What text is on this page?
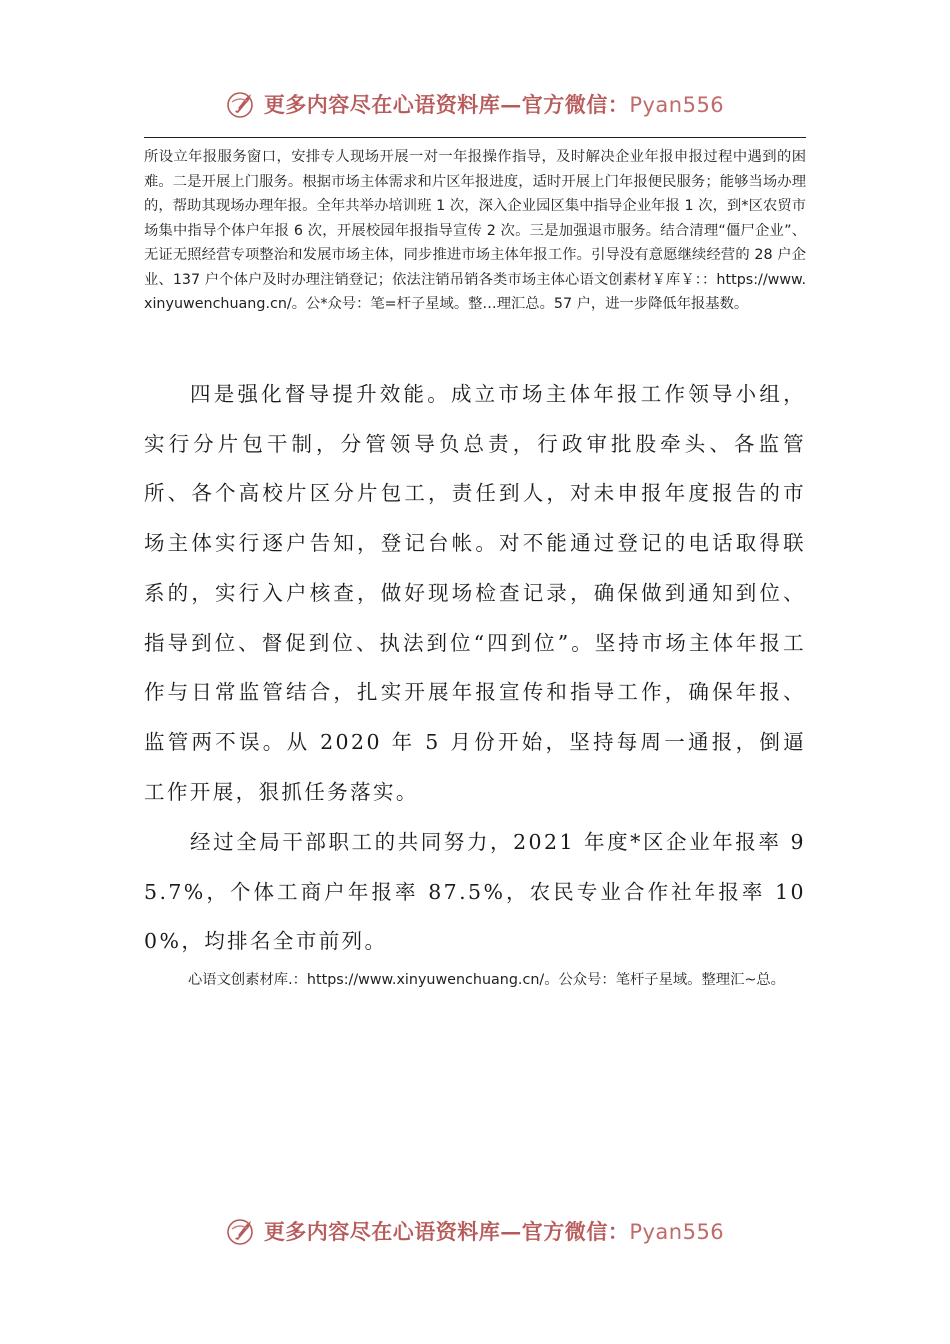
更多内容尽在心语资料库—官方微信：Pyan556

所设立年报服务窗口，安排专人现场开展一对一年报操作指导，及时解决企业年报申报过程中遇到的困难。二是开展上门服务。根据市场主体需求和片区年报进度，适时开展上门年报便民服务；能够当场办理的，帮助其现场办理年报。全年共举办培训班 1 次，深入企业园区集中指导企业年报 1 次，到*区农贸市场集中指导个体户年报 6 次，开展校园年报指导宣传 2 次。三是加强退市服务。结合清理“僵尸企业”、无证无照经营专项整治和发展市场主体，同步推进市场主体年报工作。引导没有意愿继续经营的 28 户企业、137 户个体户及时办理注销登记；依法注销吊销各类市场主体心语文创素材￥库￥：：https://www.xinyuwenchuang.cn/。公*众号：笔=杆子星域。整…理汇总。57 户，进一步降低年报基数。

四是强化督导提升效能。成立市场主体年报工作领导小组，实行分片包干制，分管领导负总责，行政审批股牵头、各监管所、各个高校片区分片包工，责任到人，对未申报年度报告的市场主体实行逐户告知，登记台帐。对不能通过登记的电话取得联系的，实行入户核查，做好现场检查记录，确保做到通知到位、指导到位、督促到位、执法到位“四到位”。坚持市场主体年报工作与日常监管结合，扎实开展年报宣传和指导工作，确保年报、监管两不误。从 2020 年 5 月份开始，坚持每周一通报，倒逼工作开展，狠抓任务落实。

经过全局干部职工的共同努力，2021 年度*区企业年报率 95.7%，个体工商户年报率 87.5%，农民专业合作社年报率 100%，均排名全市前列。

心语文创素材库.：https://www.xinyuwenchuang.cn/。公众号：笔杆子星域。整理汇~总。

更多内容尽在心语资料库—官方微信：Pyan556
